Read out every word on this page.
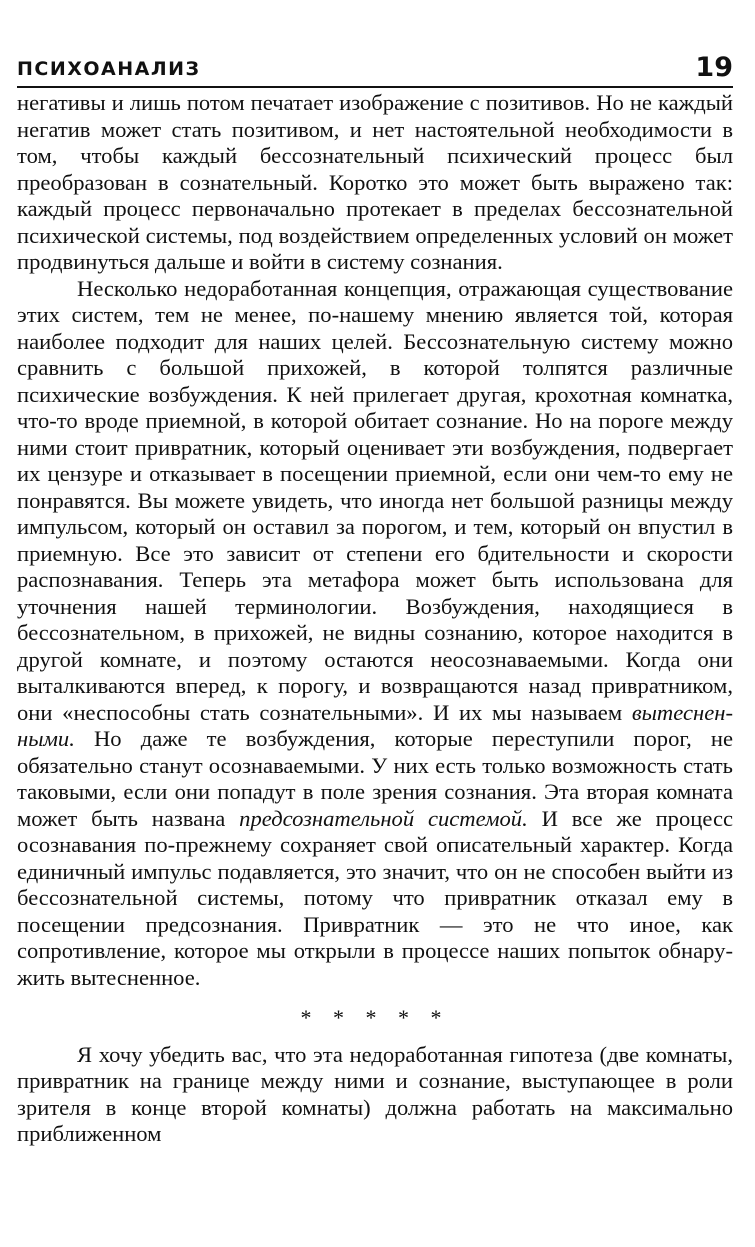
ПСИХОАНАЛИЗ	19

негативы и лишь потом печатает изображение с позитивов. Но не каждый негатив может стать позитивом, и нет настоятельной необходимости в том, чтобы каждый бессознательный психический процесс был преобразован в сознательный. Коротко это может быть выражено так: каждый процесс первоначально протекает в пределах бессознательной психической системы, под воздействием определенных условий он может продвинуться дальше и войти в систему сознания.

Несколько недоработанная концепция, отражающая существование этих систем, тем не менее, по-нашему мнению является той, которая наиболее подходит для наших целей. Бессознательную систему можно сравнить с большой прихожей, в которой толпятся различные психические возбуждения. К ней прилегает другая, крохотная комнатка, что-то вроде приемной, в которой обитает сознание. Но на пороге между ними стоит привратник, который оценивает эти возбуждения, подвергает их цензуре и отказывает в посещении приемной, если они чем-то ему не понравятся. Вы можете увидеть, что иногда нет большой разницы между импульсом, который он оставил за порогом, и тем, который он впустил в приемную. Все это зависит от степени его бдительности и скорости распознавания. Теперь эта метафора может быть использована для уточнения нашей терминологии. Возбуждения, находящиеся в бессознательном, в прихожей, не видны сознанию, которое находится в другой комнате, и поэтому остаются неосознаваемыми. Когда они выталкиваются вперед, к порогу, и возвращаются назад привратником, они «неспособны стать сознательными». И их мы называем вытесненными. Но даже те возбуждения, которые переступили порог, не обязательно станут осознаваемыми. У них есть только возможность стать таковыми, если они попадут в поле зрения сознания. Эта вторая комната может быть названа предсознательной системой. И все же процесс осознавания по-прежнему сохраняет свой описательный характер. Когда единичный импульс подавляется, это значит, что он не способен выйти из бессознательной системы, потому что привратник отказал ему в посещении предсознания. Привратник — это не что иное, как сопротивление, которое мы открыли в процессе наших попыток обнаружить вытесненное.

* * * * *

Я хочу убедить вас, что эта недоработанная гипотеза (две комнаты, привратник на границе между ними и сознание, выступающее в роли зрителя в конце второй комнаты) должна работать на максимально приближенном
